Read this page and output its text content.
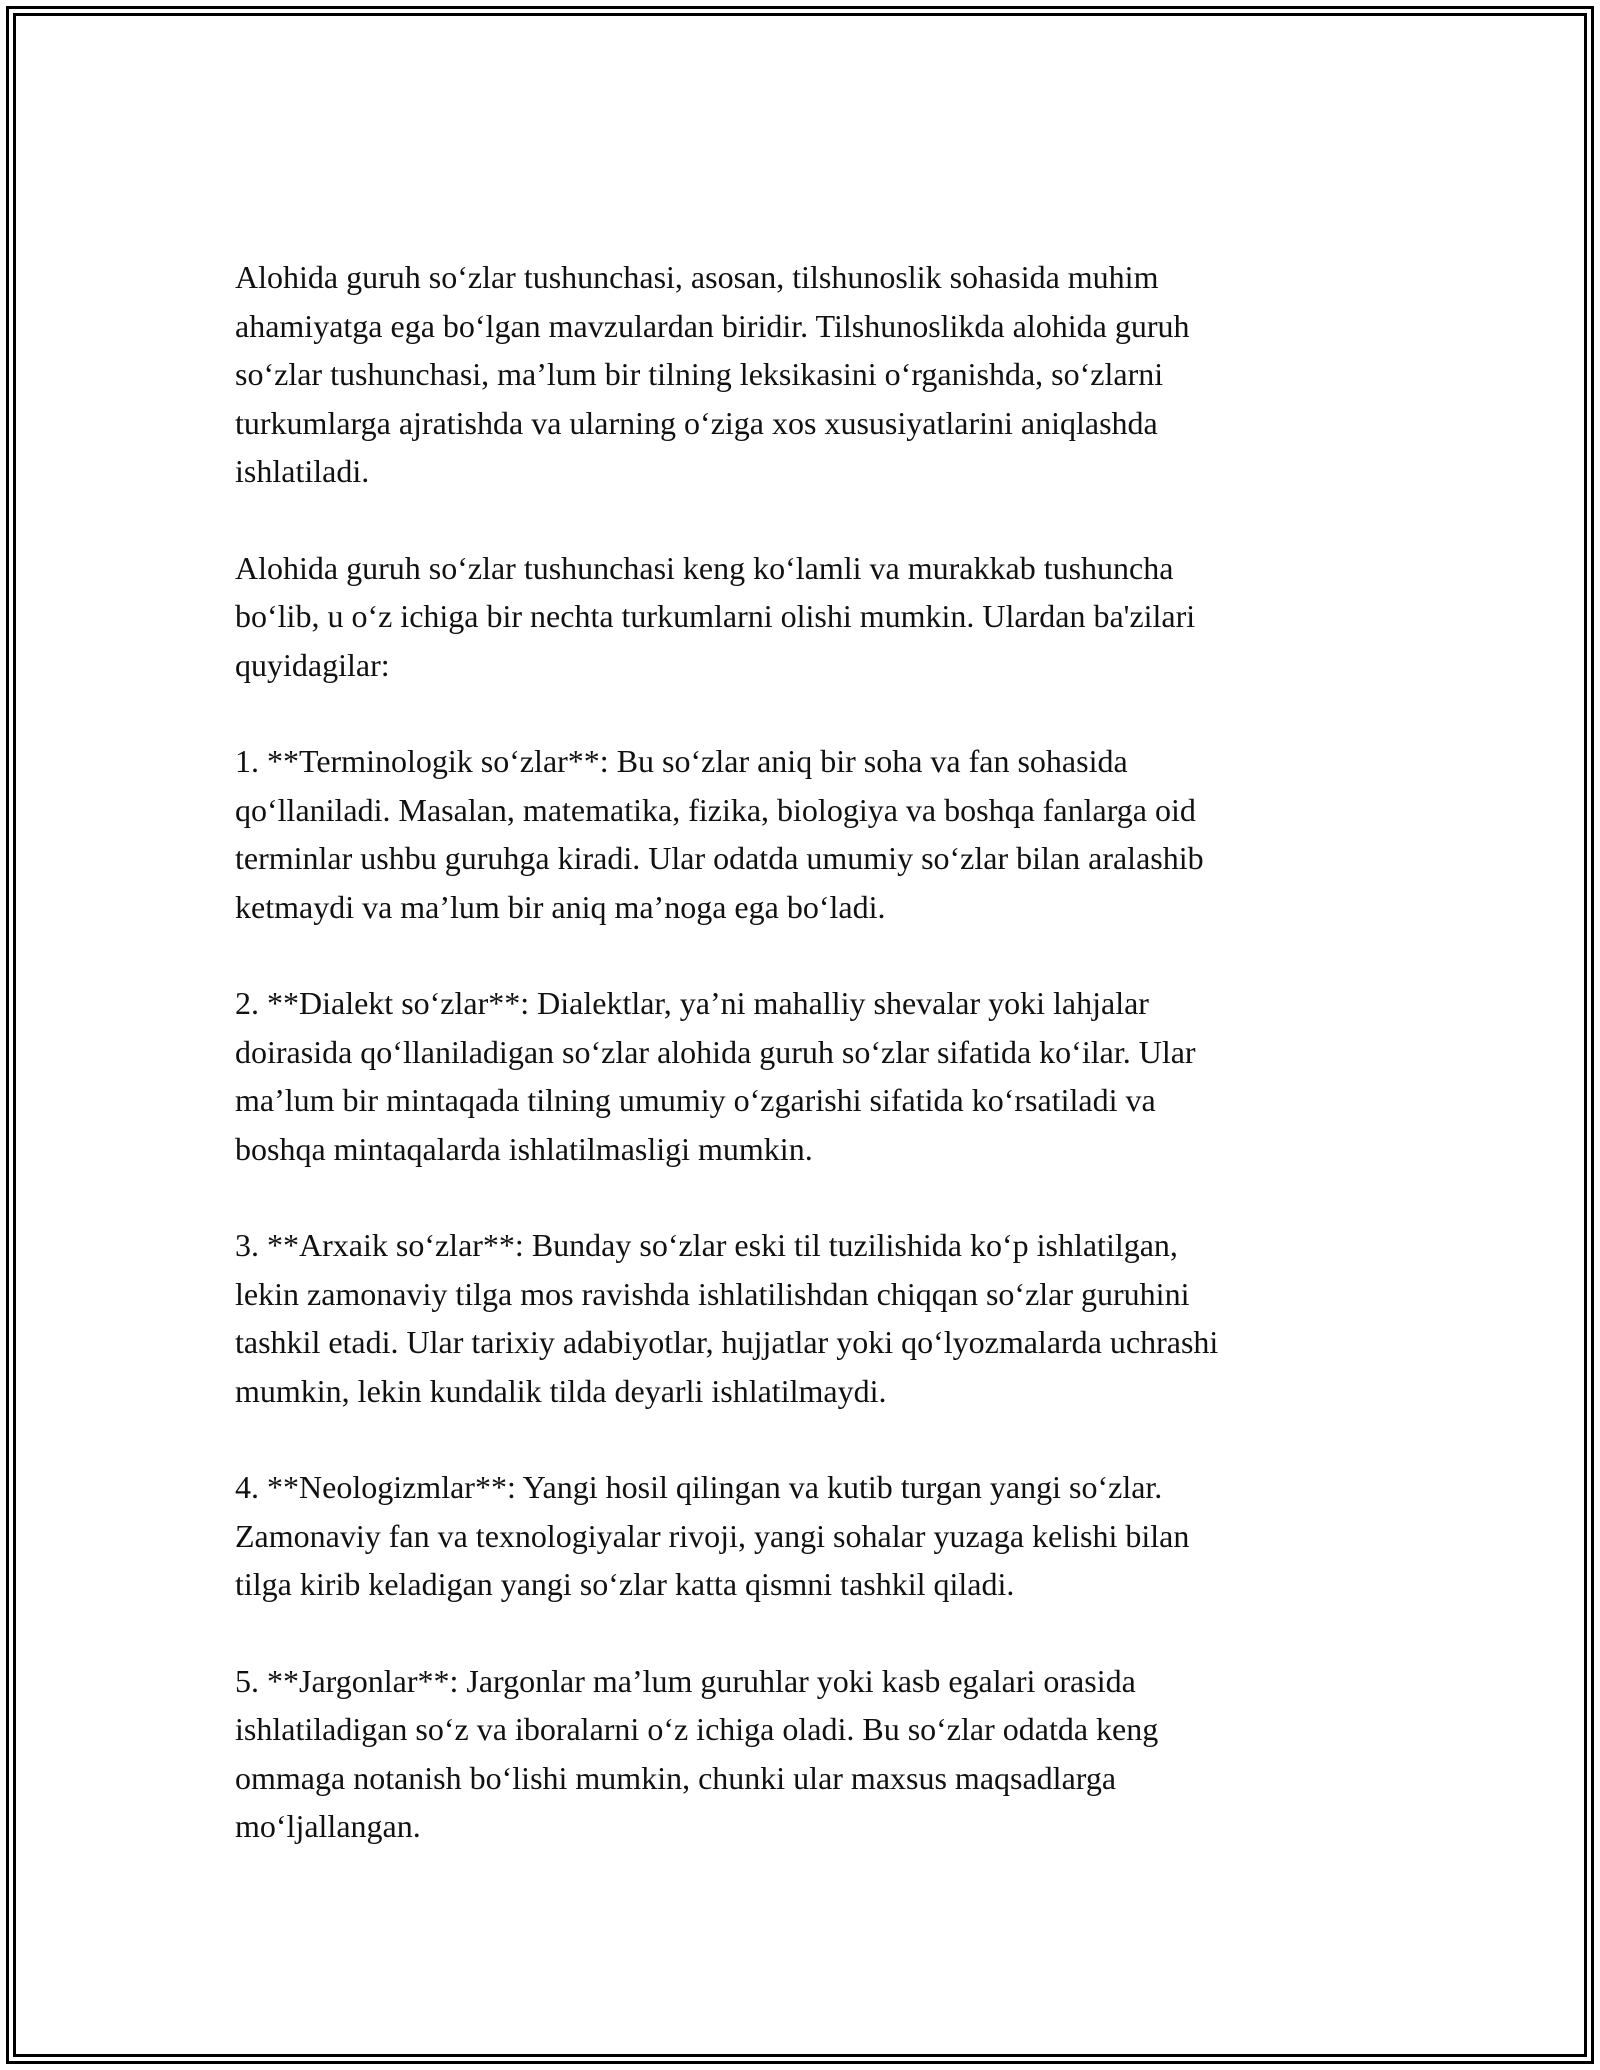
Alohida guruh so‘zlar tushunchasi, asosan, tilshunoslik sohasida muhim
ahamiyatga ega bo‘lgan mavzulardan biridir. Tilshunoslikda alohida guruh
so‘zlar tushunchasi, ma’lum bir tilning leksikasini o‘rganishda, so‘zlarni
turkumlarga ajratishda va ularning o‘ziga xos xususiyatlarini aniqlashda
ishlatiladi.

Alohida guruh so‘zlar tushunchasi keng ko‘lamli va murakkab tushuncha
bo‘lib, u o‘z ichiga bir nechta turkumlarni olishi mumkin. Ulardan ba'zilari
quyidagilar:

1. **Terminologik so‘zlar**: Bu so‘zlar aniq bir soha va fan sohasida
qo‘llaniladi. Masalan, matematika, fizika, biologiya va boshqa fanlarga oid
terminlar ushbu guruhga kiradi. Ular odatda umumiy so‘zlar bilan aralashib
ketmaydi va ma’lum bir aniq ma’noga ega bo‘ladi.

2. **Dialekt so‘zlar**: Dialektlar, ya’ni mahalliy shevalar yoki lahjalar
doirasida qo‘llaniladigan so‘zlar alohida guruh so‘zlar sifatida ko‘ilar. Ular
ma’lum bir mintaqada tilning umumiy o‘zgarishi sifatida ko‘rsatiladi va
boshqa mintaqalarda ishlatilmasligi mumkin.

3. **Arxaik so‘zlar**: Bunday so‘zlar eski til tuzilishida ko‘p ishlatilgan,
lekin zamonaviy tilga mos ravishda ishlatilishdan chiqqan so‘zlar guruhini
tashkil etadi. Ular tarixiy adabiyotlar, hujjatlar yoki qo‘lyozmalarda uchrashi
mumkin, lekin kundalik tilda deyarli ishlatilmaydi.

4. **Neologizmlar**: Yangi hosil qilingan va kutib turgan yangi so‘zlar.
Zamonaviy fan va texnologiyalar rivoji, yangi sohalar yuzaga kelishi bilan
tilga kirib keladigan yangi so‘zlar katta qismni tashkil qiladi.

5. **Jargonlar**: Jargonlar ma’lum guruhlar yoki kasb egalari orasida
ishlatiladigan so‘z va iboralarni o‘z ichiga oladi. Bu so‘zlar odatda keng
ommaga notanish bo‘lishi mumkin, chunki ular maxsus maqsadlarga
mo‘ljallangan.
